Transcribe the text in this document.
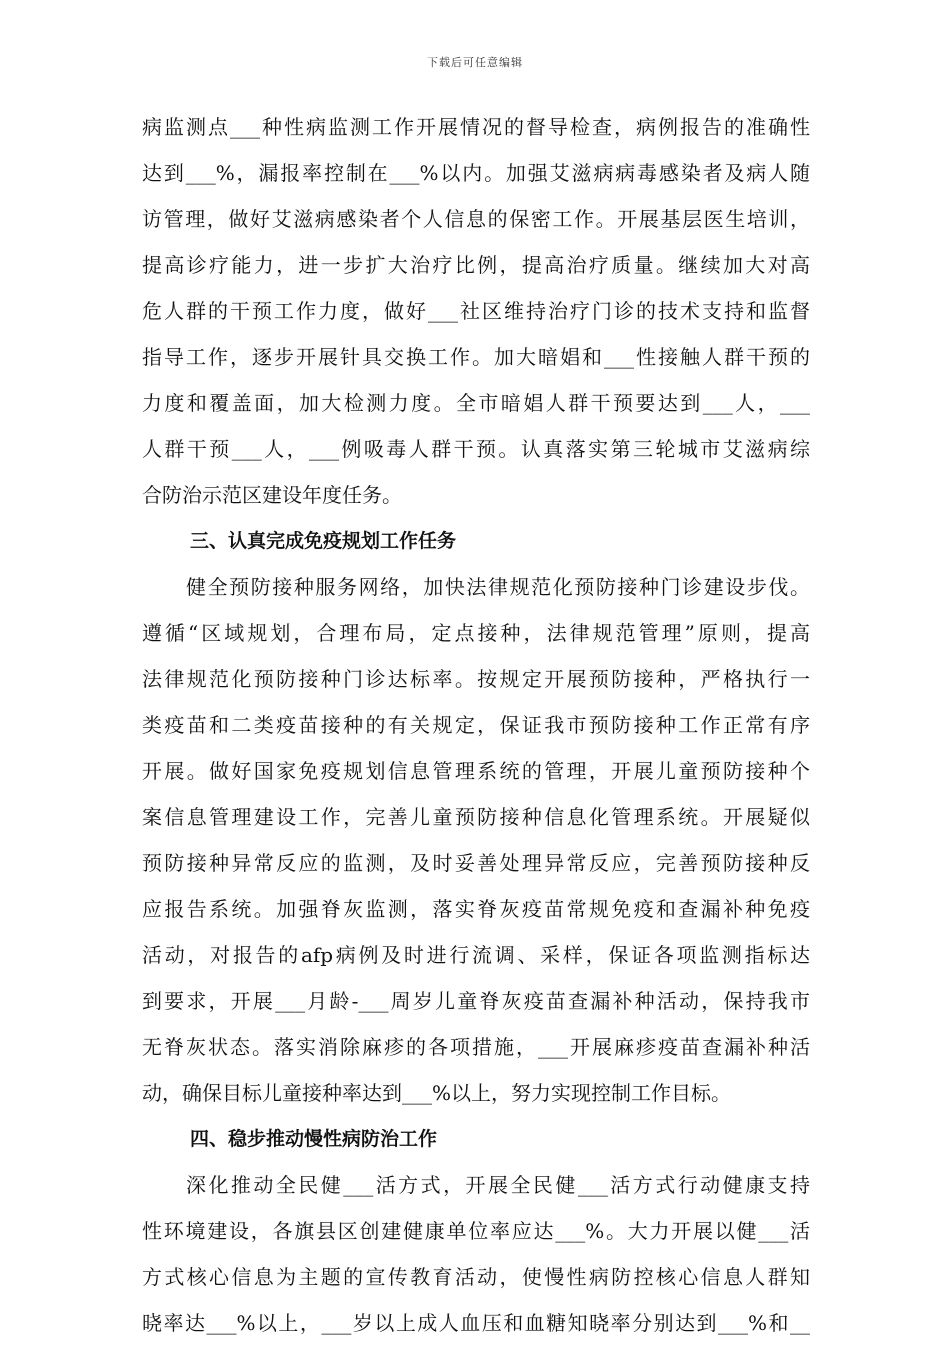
下载后可任意编辑
病监测点___种性病监测工作开展情况的督导检查，病例报告的准确性
达到___%，漏报率控制在___%以内。加强艾滋病病毒感染者及病人随
访管理，做好艾滋病感染者个人信息的保密工作。开展基层医生培训，
提高诊疗能力，进一步扩大治疗比例，提高治疗质量。继续加大对高
危人群的干预工作力度，做好___社区维持治疗门诊的技术支持和监督
指导工作，逐步开展针具交换工作。加大暗娼和___性接触人群干预的
力度和覆盖面，加大检测力度。全市暗娼人群干预要达到___人，___
人群干预___人，___例吸毒人群干预。认真落实第三轮城市艾滋病综
合防治示范区建设年度任务。
三、认真完成免疫规划工作任务
健全预防接种服务网络，加快法律规范化预防接种门诊建设步伐。
遵循“区域规划，合理布局，定点接种，法律规范管理”原则，提高
法律规范化预防接种门诊达标率。按规定开展预防接种，严格执行一
类疫苗和二类疫苗接种的有关规定，保证我市预防接种工作正常有序
开展。做好国家免疫规划信息管理系统的管理，开展儿童预防接种个
案信息管理建设工作，完善儿童预防接种信息化管理系统。开展疑似
预防接种异常反应的监测，及时妥善处理异常反应，完善预防接种反
应报告系统。加强脊灰监测，落实脊灰疫苗常规免疫和查漏补种免疫
活动，对报告的afp病例及时进行流调、采样，保证各项监测指标达
到要求，开展___月龄-___周岁儿童脊灰疫苗查漏补种活动，保持我市
无脊灰状态。落实消除麻疹的各项措施，___开展麻疹疫苗查漏补种活
动，确保目标儿童接种率达到___%以上，努力实现控制工作目标。
四、稳步推动慢性病防治工作
深化推动全民健___活方式，开展全民健___活方式行动健康支持
性环境建设，各旗县区创建健康单位率应达___%。大力开展以健___活
方式核心信息为主题的宣传教育活动，使慢性病防控核心信息人群知
晓率达___%以上，___岁以上成人血压和血糖知晓率分别达到___%和__
